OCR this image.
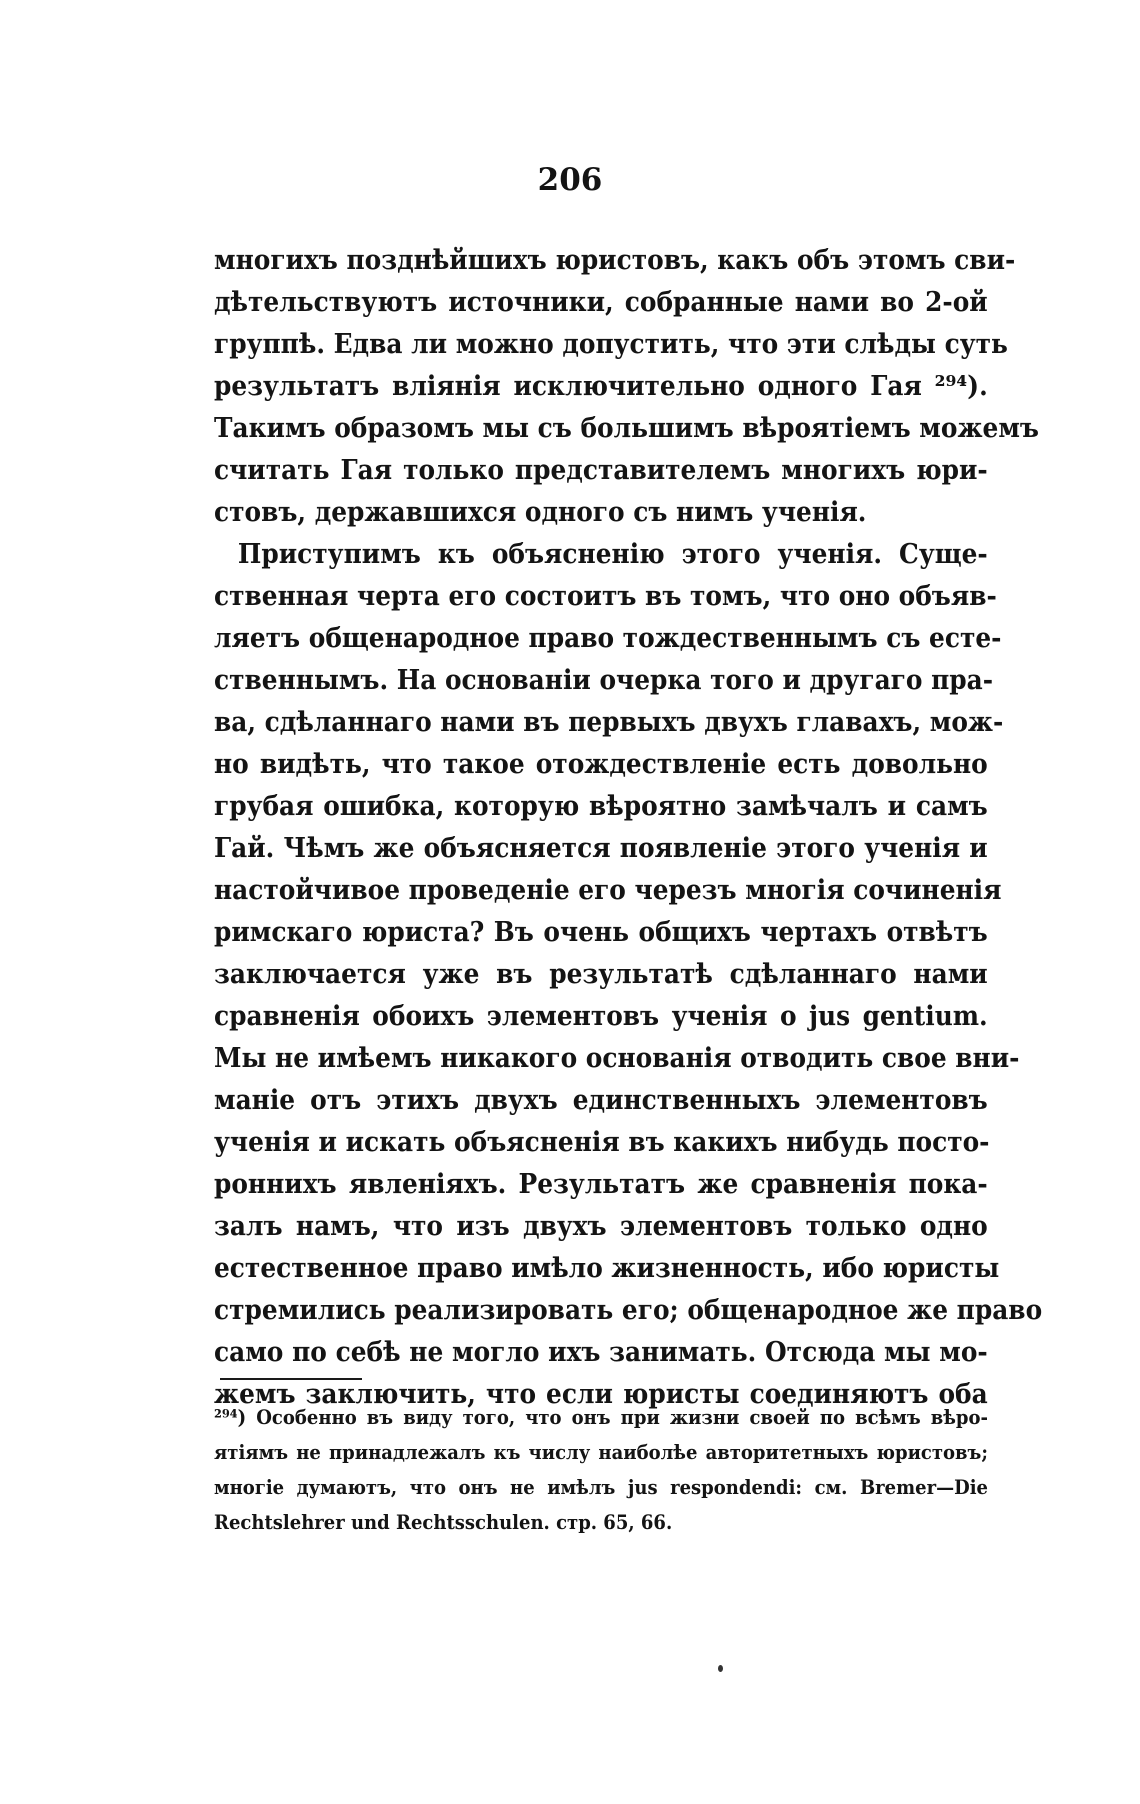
206
многихъ позднѣйшихъ юристовъ, какъ объ этомъ сви-
дѣтельствуютъ источники, собранные нами во 2-ой
группѣ. Едва ли можно допустить, что эти слѣды суть
результатъ вліянія исключительно одного Гая ²⁹⁴).
Такимъ образомъ мы съ большимъ вѣроятіемъ можемъ
считать Гая только представителемъ многихъ юри-
стовъ, державшихся одного съ нимъ ученія.
Приступимъ къ объясненію этого ученія. Суще-
ственная черта его состоитъ въ томъ, что оно объяв-
ляетъ общенародное право тождественнымъ съ есте-
ственнымъ. На основаніи очерка того и другаго пра-
ва, сдѣланнаго нами въ первыхъ двухъ главахъ, мож-
но видѣть, что такое отождествленіе есть довольно
грубая ошибка, которую вѣроятно замѣчалъ и самъ
Гай. Чѣмъ же объясняется появленіе этого ученія и
настойчивое проведеніе его черезъ многія сочиненія
римскаго юриста? Въ очень общихъ чертахъ отвѣтъ
заключается уже въ результатѣ сдѣланнаго нами
сравненія обоихъ элементовъ ученія о jus gentium.
Мы не имѣемъ никакого основанія отводить свое вни-
маніе отъ этихъ двухъ единственныхъ элементовъ
ученія и искать объясненія въ какихъ нибудь посто-
роннихъ явленіяхъ. Результатъ же сравненія пока-
залъ намъ, что изъ двухъ элементовъ только одно
естественное право имѣло жизненность, ибо юристы
стремились реализировать его; общенародное же право
само по себѣ не могло ихъ занимать. Отсюда мы мо-
жемъ заключить, что если юристы соединяютъ оба
²⁹⁴) Особенно въ виду того, что онъ при жизни своей по всѣмъ вѣро-
ятіямъ не принадлежалъ къ числу наиболѣе авторитетныхъ юристовъ;
многіе думаютъ, что онъ не имѣлъ jus respondendi: см. Bremer—Die
Rechtslehrer und Rechtsschulen. стр. 65, 66.
